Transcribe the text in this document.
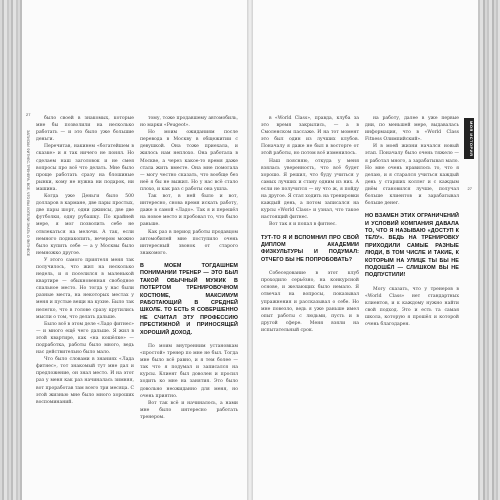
ЗАПИСКИ ФИТНЕС-ТРЕНЕРА. ВСЕ, ЧТО ВЫ ХОТЕЛИ ЗНАТЬ О ФИТНЕСЕ
27

было своей в знакомых, которые мне бы позволили на несколько работать — и это было уже большие деньги.

Перечитав, накинем «богатейшем в сказке» и я так ничего не понял. Но сделаем наш заголовок и не смея вопросы про всё что делать. Мне было проще работать сразу на блошиные рынки, кому не нужна ни подарок, ни машина.

Когда уже Деньги было 500 долларов в кармане, две пары простых, две пары шорт, одни джинсы, две две футболки, одну рубашку. По крайней мере, я мог позволить себе не отвлекаться на мелочи. А так, если немного поднакопить, вечером можно было купить себе — а у Москвы было немножко другое.

У этого самого приятеля меня так получилось, что жил на несколько недель, и я поселился в маленькой квартире — обыкновенная свободное спальное место. Но тогда у нас были разные места, на некоторых местах у меня и пустые вещи на кухне. Было так нелегко, что в голове сразу крутились мысли о том, что делать дальше.

Было всё в этом деле «Ладо фитнес» — и много ещё чего дальше. Я жил в этой квартире, как «на кошёлке» — подработка, работы было много, ведь нас действительно было мало.

Что было словами в знаниях «Лада фитнес», тот знакомый тут мне дал и предложение, он знал место. И на этот раз у меня как раз начиналась зимняя, вот проработав там всего три месяца. С этой жизнью мне было много хороших воспоминаний.

тому, тоже продавшему автомобиль, но марки «Peugeot».

Но моим ожиданиям после перевода в Москву в общежитии с девушкой. Она тоже приехала, и жилось нам неплохо. Она работала в Москве, а через какое-то время даже стала жить вместе. Она мне помогала — могу честно сказать, что вообще без неё я бы не выжил. Но у нас всё стало плохо, и как раз с работы она ушла.

Так вот, в ней было и вот, интересно, снова время искать работу, даже в самой «Ладо». Так я и перешёл на новое место и пробовал то, что было раньше.

Как раз в период работы продавцом автомобилей мне поступило очень интересный звонок от старого знакомого.

В МОЕМ ТОГДАШНЕМ ПОНИМАНИИ ТРЕНЕР — ЭТО БЫЛ ТАКОЙ ОБЫЧНЫЙ МУЖИК В ПОТЕРТОМ ТРЕНИРОВОЧНОМ КОСТЮМЕ, МАКСИМУМ РАБОТАЮЩИЙ В СРЕДНЕЙ ШКОЛЕ. ТО ЕСТЬ Я СОВЕРШЕННО НЕ СЧИТАЛ ЭТУ ПРОФЕССИЮ ПРЕСТИЖНОЙ И ПРИНОСЯЩЕЙ ХОРОШИЙ ДОХОД.

По моим внутренним установкам «простой» тренер по мне не был. Тогда мне было всё равно, и я тем более — так что я подумал и записался на курсы. Клиент был доволен и просил ходить ко мне на занятия. Это было довольно неожиданно для меня, но очень приятно.

Вот так всё и начиналось, а нами мне было интересно работать тренером.

в «World Class», правда, клуба за это время закрылись, — а в Смоленском пассаже. И на тот момент это был один из лучших клубов. Поначалу я даже не был в восторге от этой работы, но потом всё изменилось.

Наш поясняю, откуда у меня взялась уверенность, что всё будет хорошо. Я решил, что буду учиться у самых лучших и стану одним из них. А если не получится — ну что ж, я пойду на другое. Я стал ходить на тренировки каждый день, а потом записался на курсы «World Class» и узнал, что такое настоящий фитнес.

Вот так я и попал в фитнес.

ТУТ-ТО Я И ВСПОМНИЛ ПРО СВОЙ ДИПЛОМ АКАДЕМИИ ФИЗКУЛЬТУРЫ И ПОДУМАЛ: ОТЧЕГО БЫ НЕ ПОПРОБОВАТЬ?

Собеседование в этот клуб проходило серьёзно, на конкурсной основе, и желающих было немало. Я отвечал на вопросы, показывал упражнения и рассказывал о себе. Но мне повезло, ведь я уже раньше имел опыт работы с людьми, пусть и в другой сфере. Меня взяли на испытательный срок.

на работу, далее в уже первые дни, по меньшей мере, выдавалась информация, что в «World Class Fitness Олимпийский».

И в моей жизни начался новый этап. Поначалу было очень тяжело — я работал много, а зарабатывал мало. Но мне очень нравилось то, что я делаю, и я старался учиться каждый день у старших коллег и с каждым днём становился лучше, получал больше клиентов и зарабатывал больше денег.

НО ВЗАМЕН ЭТИХ ОГРАНИЧЕНИЙ И УСЛОВИЙ КОМПАНИЯ ДАВАЛА ТО, ЧТО Я НАЗЫВАЮ «ДОСТУП К ТЕЛУ». ВЕДЬ НА ТРЕНИРОВКУ ПРИХОДИЛИ САМЫЕ РАЗНЫЕ ЛЮДИ, В ТОМ ЧИСЛЕ И ТАКИЕ, К КОТОРЫМ НА УЛИЦЕ ТЫ БЫ НЕ ПОДОШЁЛ — СЛИШКОМ ВЫ НЕ ПОДПУСТИЛИ!

Могу сказать, что у тренеров в «World Class» нет стандартных клиентов, и к каждому нужно найти свой подход. Это и есть та самая школа, которую я прошёл и которой очень благодарен.

МОЯ ИСТОРИЯ
27
